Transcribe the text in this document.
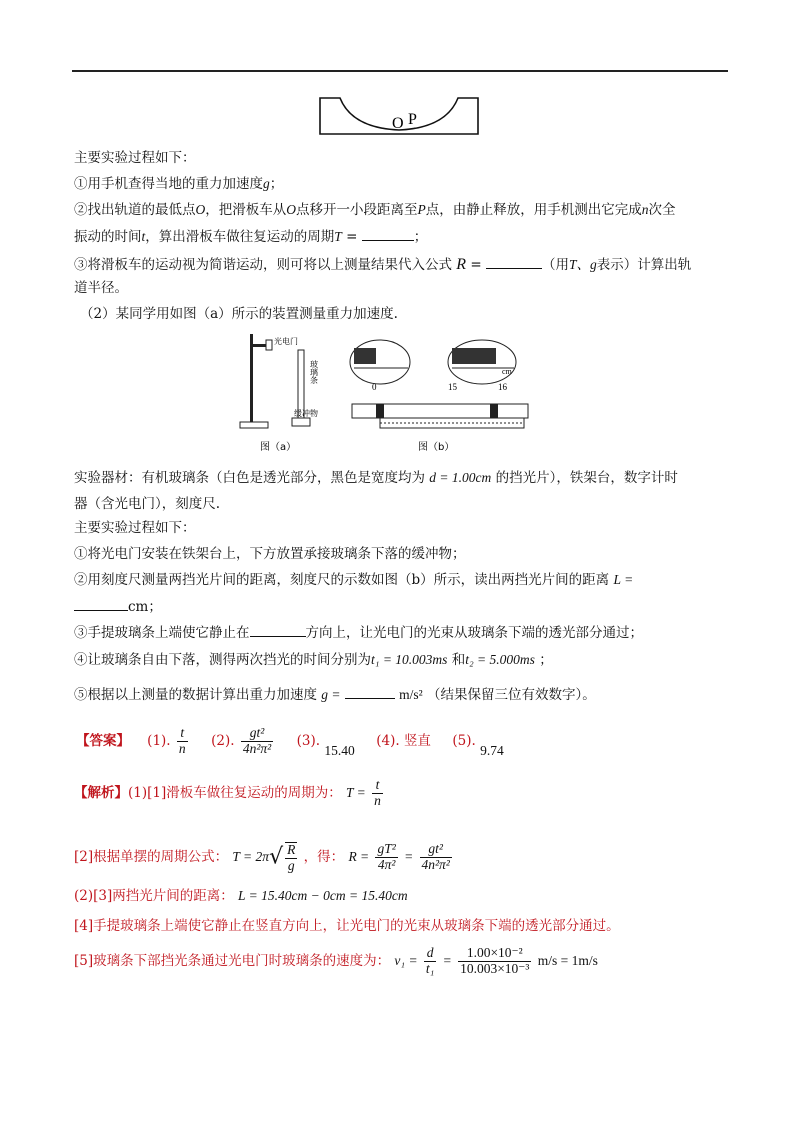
O P
主要实验过程如下：
①用手机查得当地的重力加速度g；
②找出轨道的最低点O，把滑板车从O点移开一小段距离至P点，由静止释放，用手机测出它完成n次全
振动的时间t，算出滑板车做往复运动的周期T =	；
③将滑板车的运动视为简谐运动，则可将以上测量结果代入公式 R =	（用T、g表示）计算出轨
道半径。
（2）某同学用如图（a）所示的装置测量重力加速度.
光电门
玻璃条
缓冲物
图（a）
0	15	16
cm
图（b）
实验器材：有机玻璃条（白色是透光部分，黑色是宽度均为 d = 1.00cm 的挡光片），铁架台，数字计时
器（含光电门），刻度尺.
主要实验过程如下：
①将光电门安装在铁架台上，下方放置承接玻璃条下落的缓冲物；
②用刻度尺测量两挡光片间的距离，刻度尺的示数如图（b）所示，读出两挡光片间的距离 L =
cm；
③手提玻璃条上端使它静止在	方向上，让光电门的光束从玻璃条下端的透光部分通过；
④让玻璃条自由下落，测得两次挡光的时间分别为t₁ = 10.003ms 和t₂ = 5.000ms ；
⑤根据以上测量的数据计算出重力加速度 g =	m/s² （结果保留三位有效数字）。
【答案】 (1). $\frac{t}{n} (2)$. $\frac{\text{gt²}}{\text{4n²π²}} (3)$. 15.40     (4). 竖直 (5). 9.74
【解析】(1)[1]滑板车做往复运动的周期为： $T = \frac{t}{n}$
[2]根据单摆的周期公式： $T = 2\pi√ \frac{R}{g}$ ，得： $R = \frac{\text{gT²}}{\text{4π²}} = \frac{\text{gt²}}{\text{4n²π²}}$
(2)[3]两挡光片间的距离： L = 15.40cm − 0cm = 15.40cm
[4]手提玻璃条上端使它静止在竖直方向上，让光电门的光束从玻璃条下端的透光部分通过。
[5]玻璃条下部挡光条通过光电门时玻璃条的速度为： $v_1 = \frac{d}{\text{t₁}} = \frac{\text{1.00×10⁻²}}{\text{10.003×10⁻³}} m/s = 1m/s$
